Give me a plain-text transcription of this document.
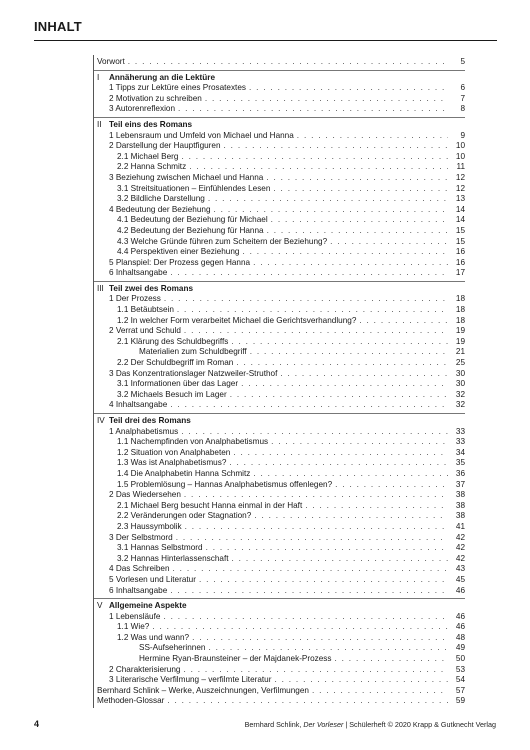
INHALT
Vorwort . . .	5
I	Annäherung an die Lektüre
1 Tipps zur Lektüre eines Prosatextes . . .	6
2 Motivation zu schreiben . . .	7
3 Autorenreflexion . . .	8
II Teil eins des Romans
1 Lebensraum und Umfeld von Michael und Hanna . . .	9
2 Darstellung der Hauptfiguren . . .	10
2.1 Michael Berg . . .	10
2.2 Hanna Schmitz . . .	11
3 Beziehung zwischen Michael und Hanna . . .	12
3.1 Streitsituationen – Einfühlendes Lesen . . .	12
3.2 Bildliche Darstellung . . .	13
4 Bedeutung der Beziehung . . .	14
4.1 Bedeutung der Beziehung für Michael . . .	14
4.2 Bedeutung der Beziehung für Hanna . . .	15
4.3 Welche Gründe führen zum Scheitern der Beziehung? . . .	15
4.4 Perspektiven einer Beziehung . . .	16
5 Planspiel: Der Prozess gegen Hanna . . .	16
6 Inhaltsangabe . . .	17
III Teil zwei des Romans
1 Der Prozess . . .	18
1.1 Betäubtsein . . .	18
1.2 In welcher Form verarbeitet Michael die Gerichtsverhandlung? . . .	18
2 Verrat und Schuld . . .	19
2.1 Klärung des Schuldbegriffs . . .	19
Materialien zum Schuldbegriff . . .	21
2.2 Der Schuldbegriff im Roman . . .	25
3 Das Konzentrationslager Natzweiler-Struthof . . .	30
3.1 Informationen über das Lager . . .	30
3.2 Michaels Besuch im Lager . . .	32
4 Inhaltsangabe . . .	32
IV Teil drei des Romans
1 Analphabetismus . . .	33
1.1 Nachempfinden von Analphabetismus . . .	33
1.2 Situation von Analphabeten . . .	34
1.3 Was ist Analphabetismus? . . .	35
1.4 Die Analphabetin Hanna Schmitz . . .	36
1.5 Problemlösung – Hannas Analphabetismus offenlegen? . . .	37
2 Das Wiedersehen . . .	38
2.1 Michael Berg besucht Hanna einmal in der Haft . . .	38
2.2 Veränderungen oder Stagnation? . . .	38
2.3 Haussymbolik . . .	41
3 Der Selbstmord . . .	42
3.1 Hannas Selbstmord . . .	42
3.2 Hannas Hinterlassenschaft . . .	42
4 Das Schreiben . . .	43
5 Vorlesen und Literatur . . .	45
6 Inhaltsangabe . . .	46
V Allgemeine Aspekte
1 Lebensläufe . . .	46
1.1 Wie? . . .	46
1.2 Was und wann? . . .	48
SS-Aufseherinnen . . .	49
Hermine Ryan-Braunsteiner – der Majdanek-Prozess . . .	50
2 Charakterisierung . . .	53
3 Literarische Verfilmung – verfilmte Literatur . . .	54
Bernhard Schlink – Werke, Auszeichnungen, Verfilmungen . . .	57
Methoden-Glossar . . .	59
4	Bernhard Schlink, Der Vorleser | Schülerheft © 2020 Krapp & Gutknecht Verlag
